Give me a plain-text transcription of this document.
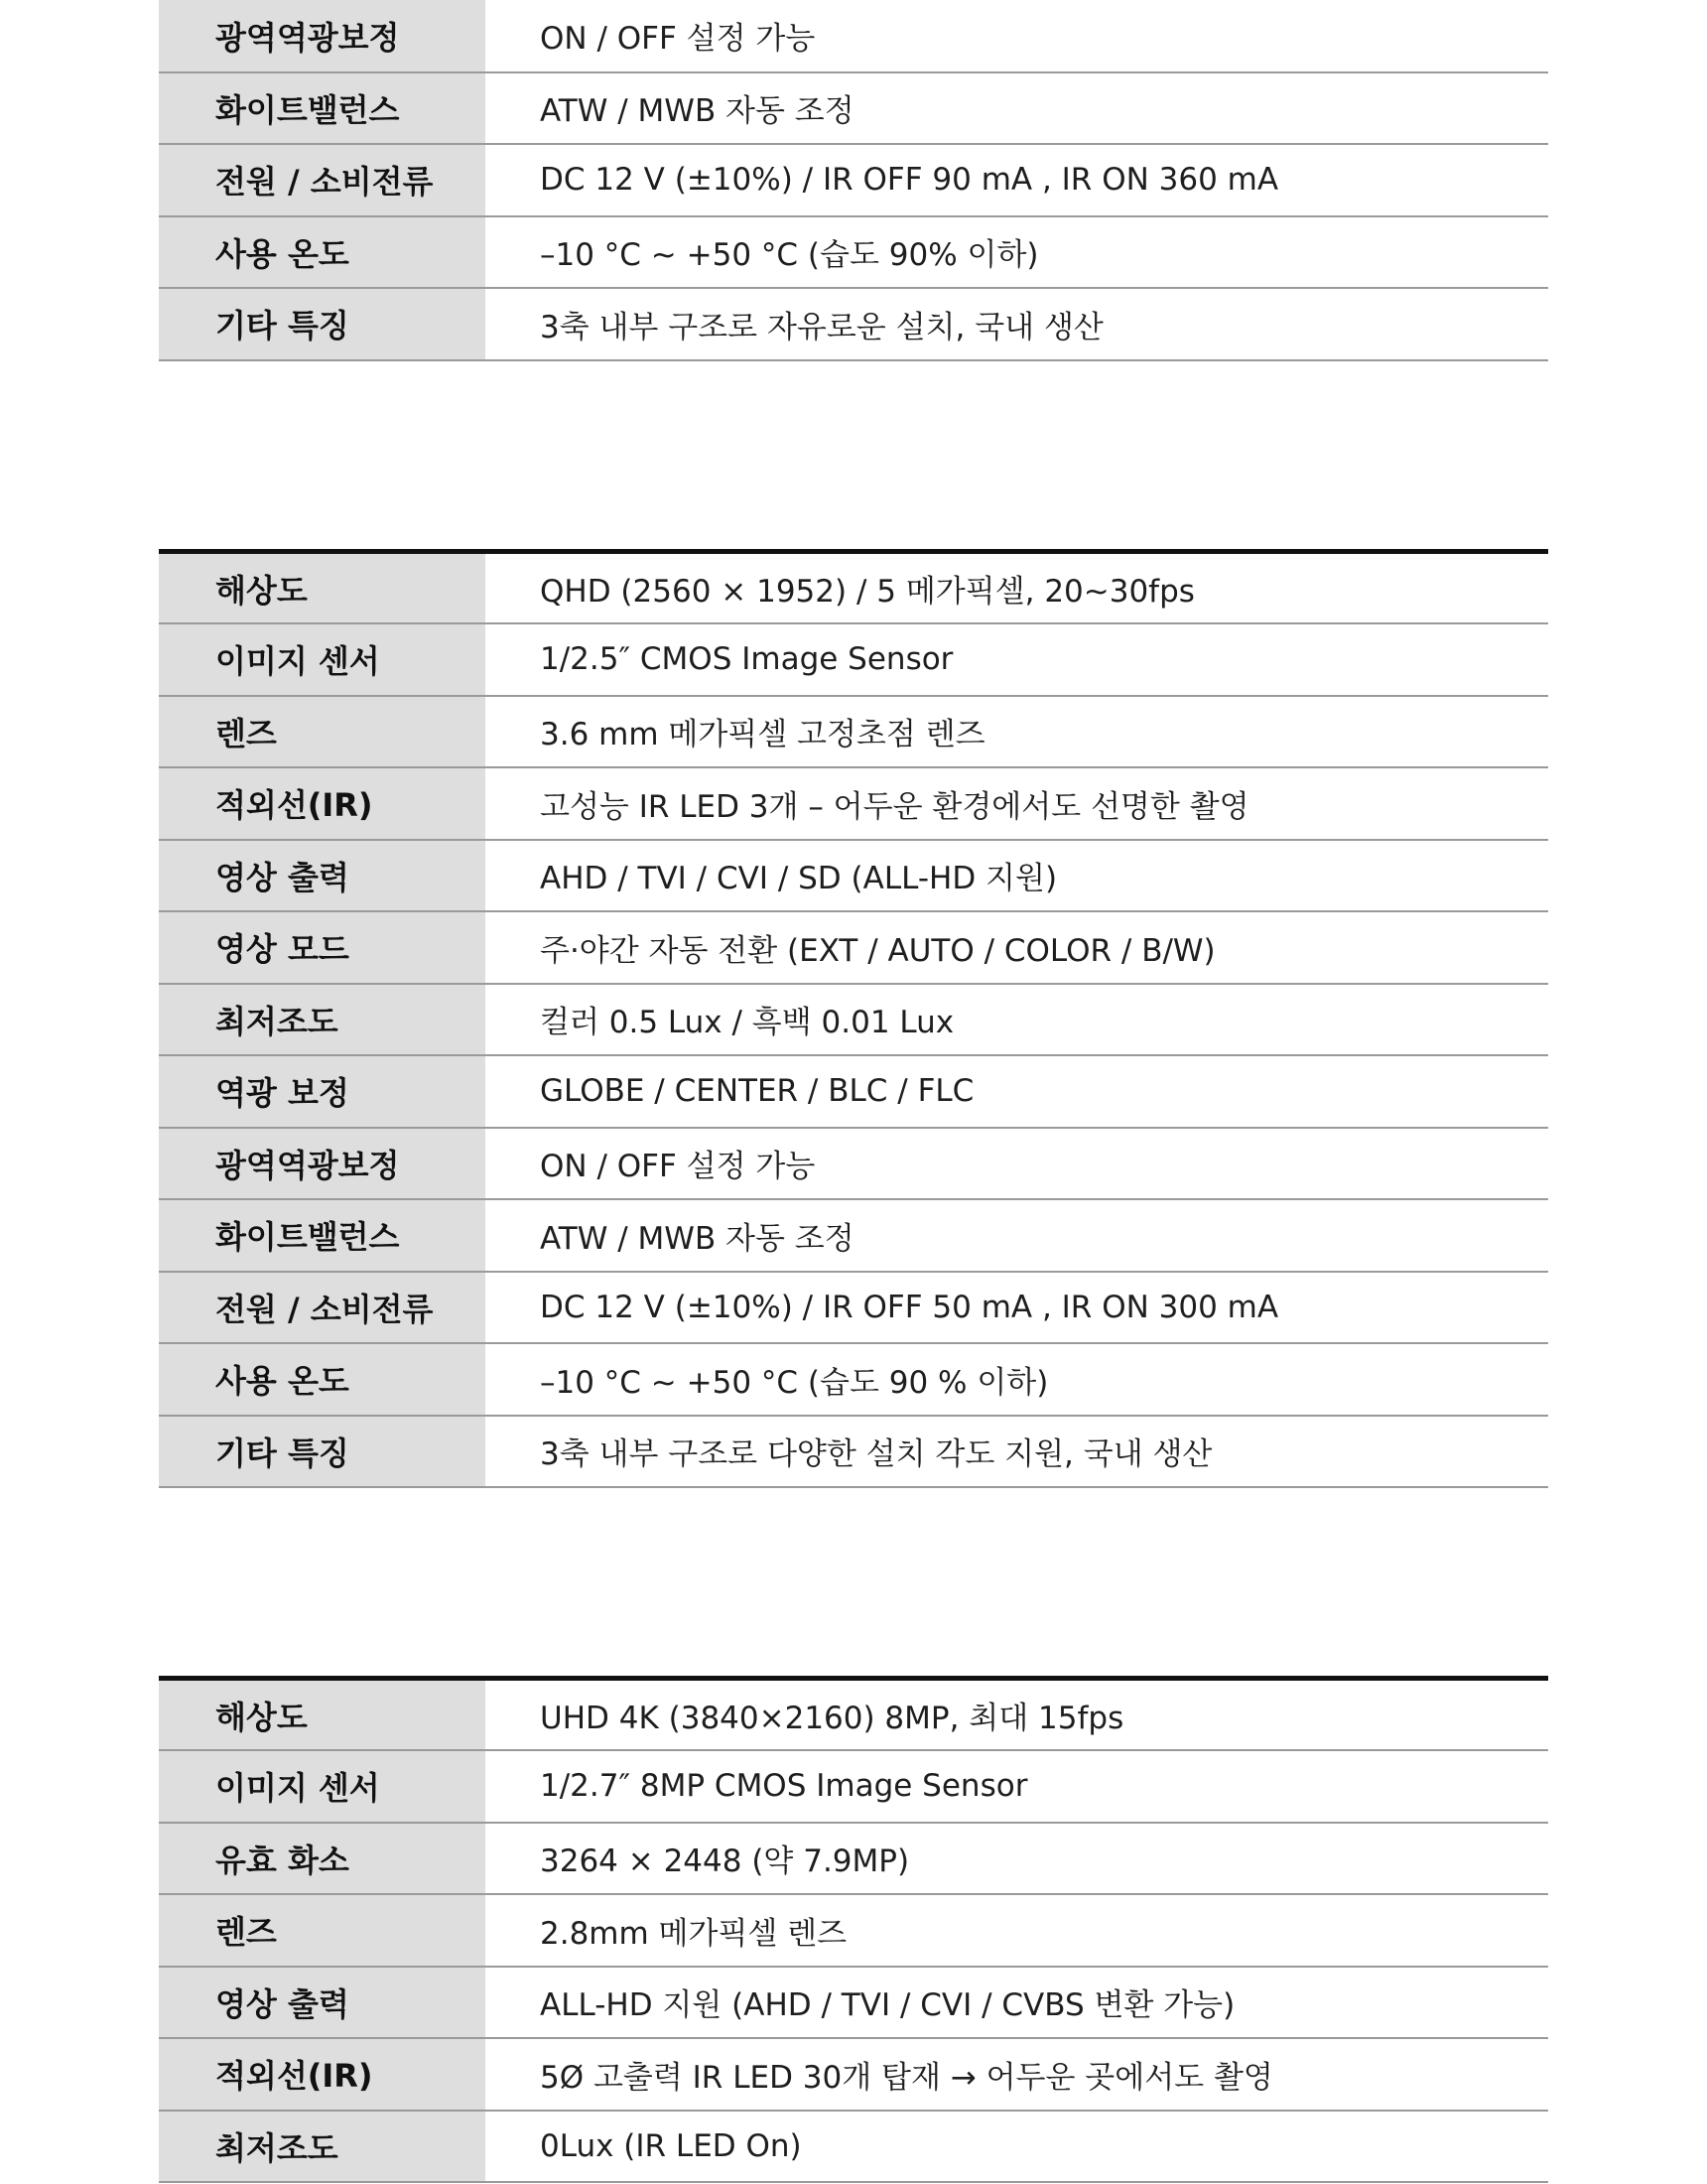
광역역광보정	ON / OFF 설정 가능
화이트밸런스	ATW / MWB 자동 조정
전원 / 소비전류	DC 12 V (±10%) / IR OFF 90 mA , IR ON 360 mA
사용 온도	–10 °C ~ +50 °C (습도 90% 이하)
기타 특징	3축 내부 구조로 자유로운 설치, 국내 생산
해상도	QHD (2560 × 1952) / 5 메가픽셀, 20~30fps
이미지 센서	1/2.5″ CMOS Image Sensor
렌즈	3.6 mm 메가픽셀 고정초점 렌즈
적외선(IR)	고성능 IR LED 3개 – 어두운 환경에서도 선명한 촬영
영상 출력	AHD / TVI / CVI / SD (ALL-HD 지원)
영상 모드	주·야간 자동 전환 (EXT / AUTO / COLOR / B/W)
최저조도	컬러 0.5 Lux / 흑백 0.01 Lux
역광 보정	GLOBE / CENTER / BLC / FLC
광역역광보정	ON / OFF 설정 가능
화이트밸런스	ATW / MWB 자동 조정
전원 / 소비전류	DC 12 V (±10%) / IR OFF 50 mA , IR ON 300 mA
사용 온도	–10 °C ~ +50 °C (습도 90 % 이하)
기타 특징	3축 내부 구조로 다양한 설치 각도 지원, 국내 생산
해상도	UHD 4K (3840×2160) 8MP, 최대 15fps
이미지 센서	1/2.7″ 8MP CMOS Image Sensor
유효 화소	3264 × 2448 (약 7.9MP)
렌즈	2.8mm 메가픽셀 렌즈
영상 출력	ALL-HD 지원 (AHD / TVI / CVI / CVBS 변환 가능)
적외선(IR)	5Ø 고출력 IR LED 30개 탑재 → 어두운 곳에서도 촬영
최저조도	0Lux (IR LED On)
